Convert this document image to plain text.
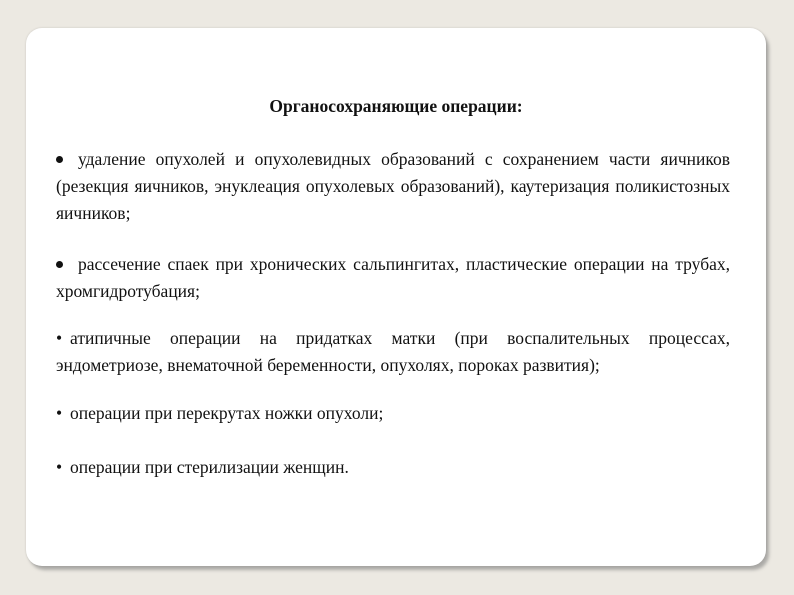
Органосохраняющие операции:
удаление опухолей и опухолевидных образований с сохранением части яичников (резекция яичников, энуклеация опухолевых образований), каутеризация поликистозных яичников;
рассечение спаек при хронических сальпингитах, пластические операции на трубах, хромгидротубация;
• атипичные операции на придатках матки (при воспалительных процессах, эндометриозе, внематочной беременности, опухолях, пороках развития);
• операции при перекрутах ножки опухоли;
• операции при стерилизации женщин.
